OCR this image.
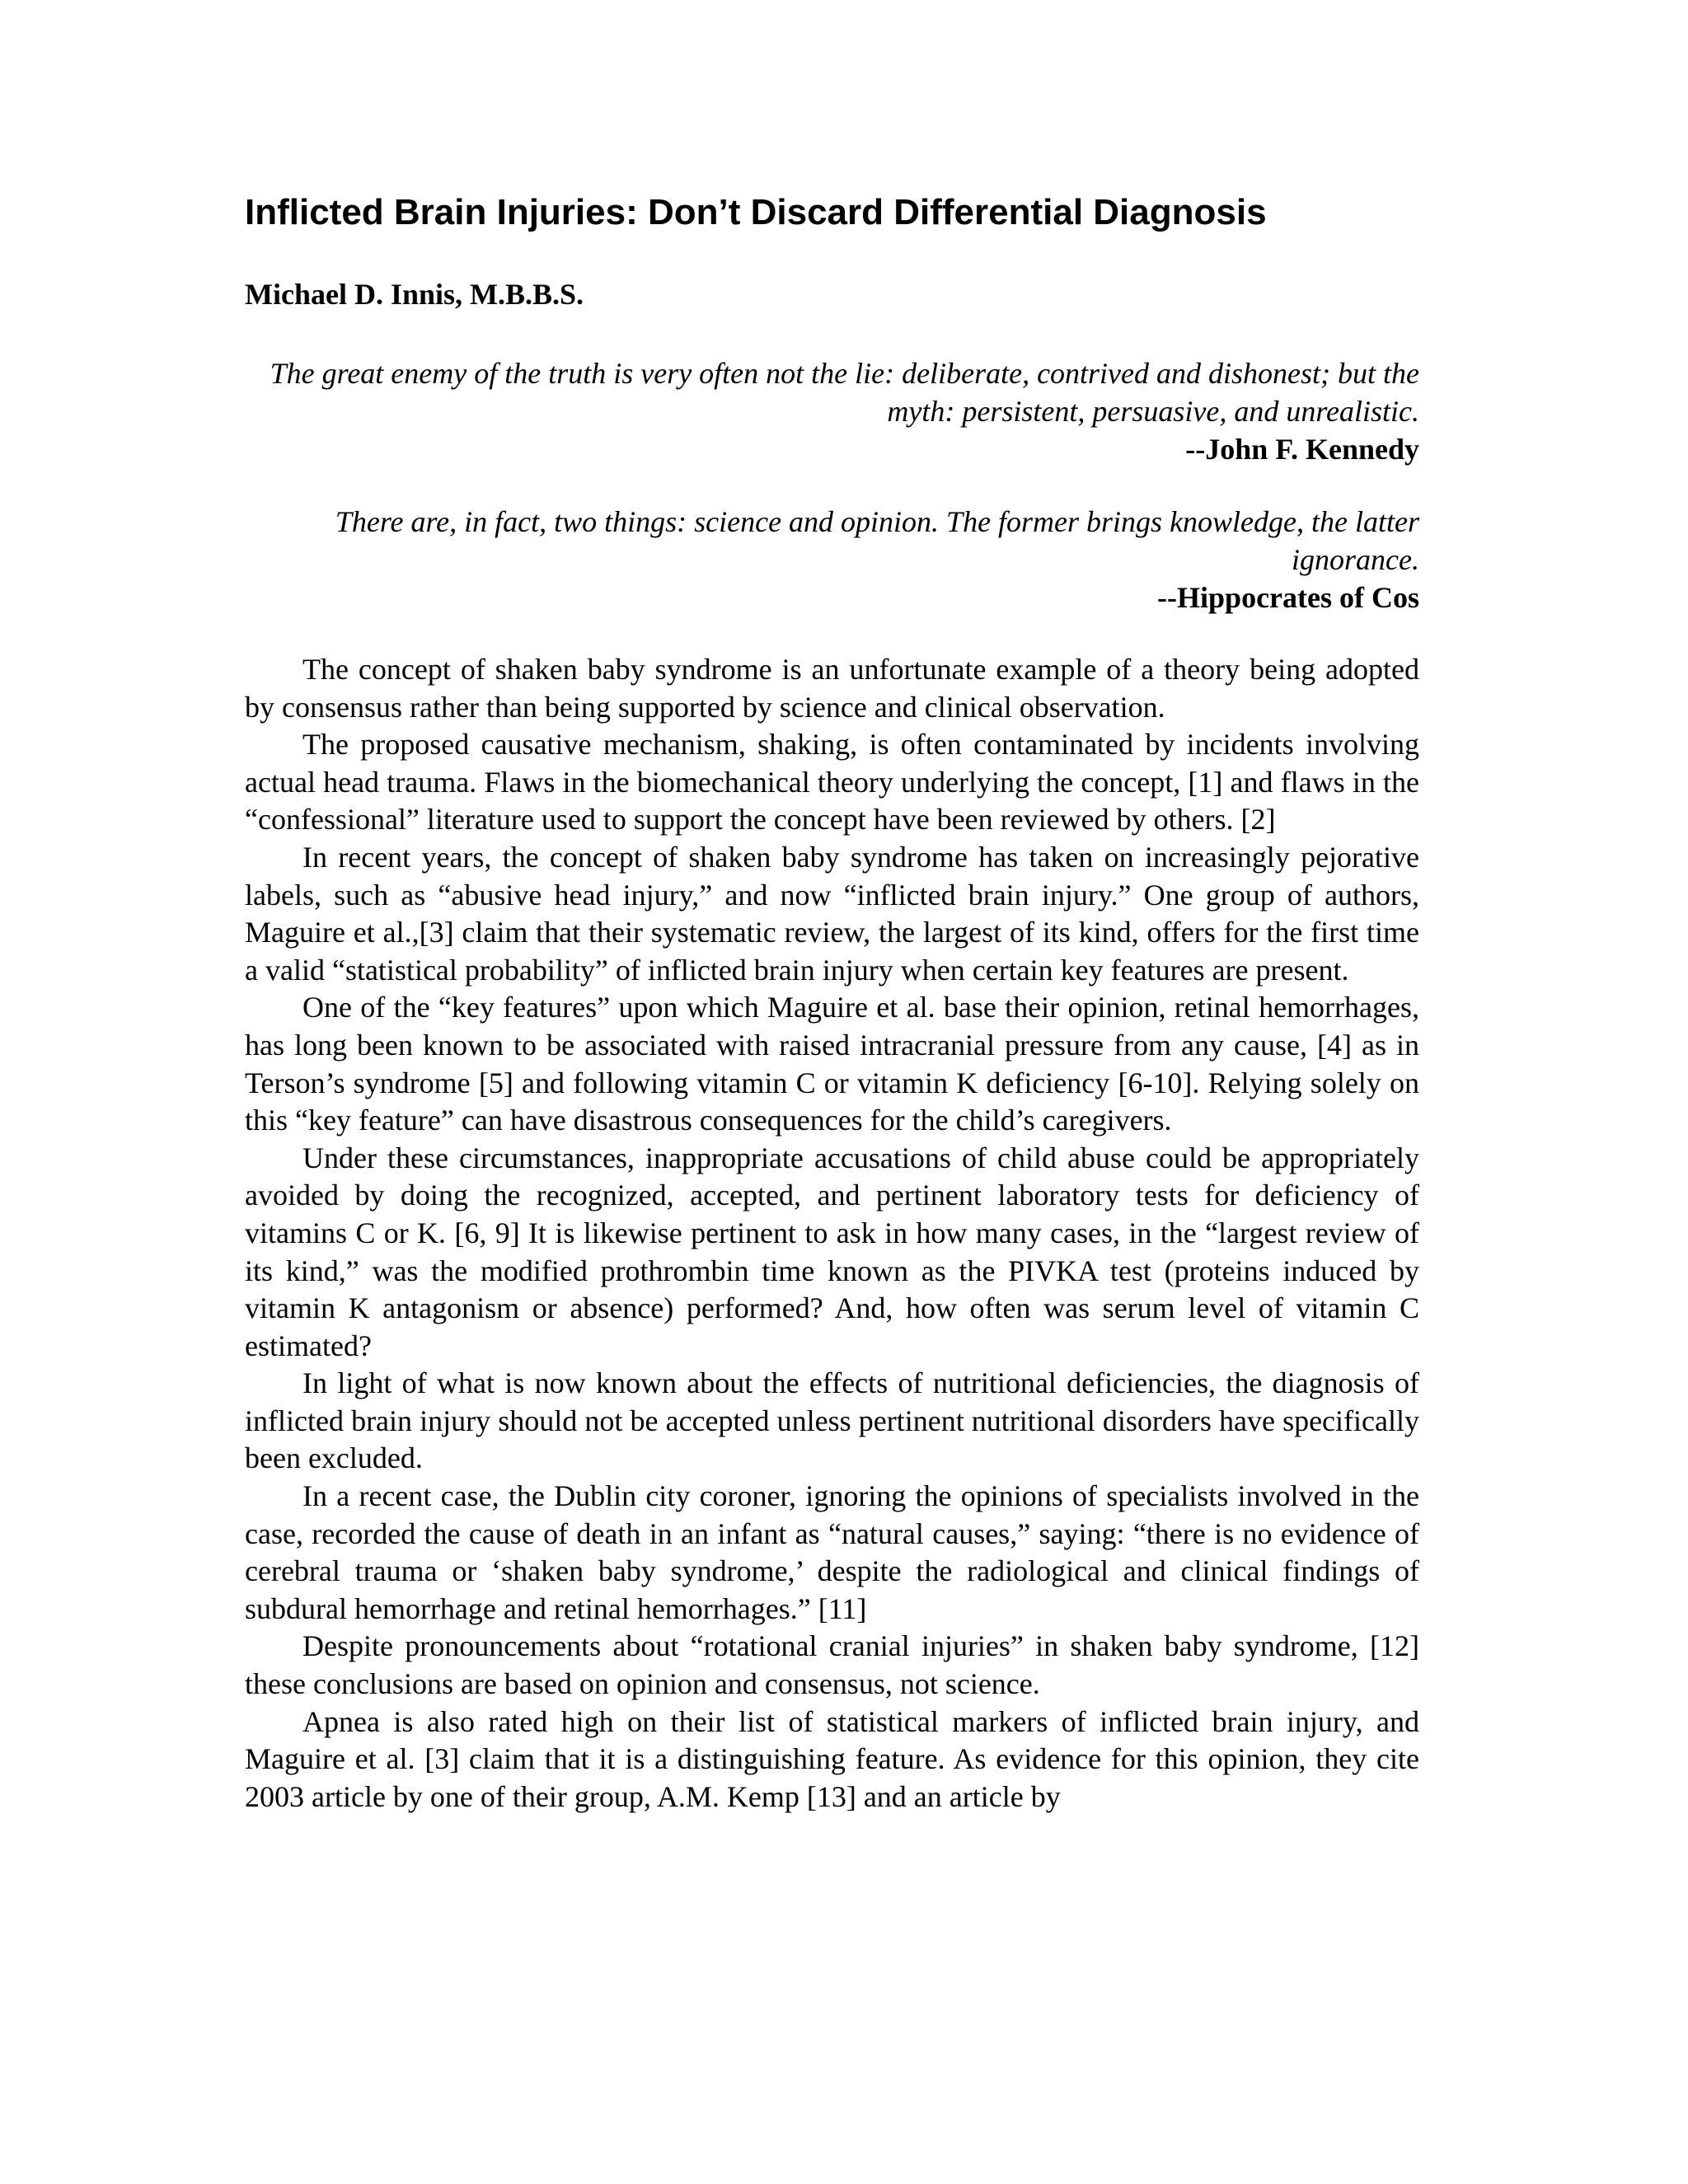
Inflicted Brain Injuries: Don’t Discard Differential Diagnosis
Michael D. Innis, M.B.B.S.
The great enemy of the truth is very often not the lie: deliberate, contrived and dishonest; but the myth: persistent, persuasive, and unrealistic.
--John F. Kennedy
There are, in fact, two things: science and opinion. The former brings knowledge, the latter ignorance.
--Hippocrates of Cos

The concept of shaken baby syndrome is an unfortunate example of a theory being adopted by consensus rather than being supported by science and clinical observation.

The proposed causative mechanism, shaking, is often contaminated by incidents involving actual head trauma. Flaws in the biomechanical theory underlying the concept, [1] and flaws in the “confessional” literature used to support the concept have been reviewed by others. [2]

In recent years, the concept of shaken baby syndrome has taken on increasingly pejorative labels, such as “abusive head injury,” and now “inflicted brain injury.” One group of authors, Maguire et al.,[3] claim that their systematic review, the largest of its kind, offers for the first time a valid “statistical probability” of inflicted brain injury when certain key features are present.

One of the “key features” upon which Maguire et al. base their opinion, retinal hemorrhages, has long been known to be associated with raised intracranial pressure from any cause, [4] as in Terson’s syndrome [5] and following vitamin C or vitamin K deficiency [6-10]. Relying solely on this “key feature” can have disastrous consequences for the child’s caregivers.

Under these circumstances, inappropriate accusations of child abuse could be appropriately avoided by doing the recognized, accepted, and pertinent laboratory tests for deficiency of vitamins C or K. [6, 9] It is likewise pertinent to ask in how many cases, in the “largest review of its kind,” was the modified prothrombin time known as the PIVKA test (proteins induced by vitamin K antagonism or absence) performed? And, how often was serum level of vitamin C estimated?

In light of what is now known about the effects of nutritional deficiencies, the diagnosis of inflicted brain injury should not be accepted unless pertinent nutritional disorders have specifically been excluded.

In a recent case, the Dublin city coroner, ignoring the opinions of specialists involved in the case, recorded the cause of death in an infant as “natural causes,” saying: “there is no evidence of cerebral trauma or ‘shaken baby syndrome,’ despite the radiological and clinical findings of subdural hemorrhage and retinal hemorrhages.” [11]

Despite pronouncements about “rotational cranial injuries” in shaken baby syndrome, [12] these conclusions are based on opinion and consensus, not science.

Apnea is also rated high on their list of statistical markers of inflicted brain injury, and Maguire et al. [3] claim that it is a distinguishing feature. As evidence for this opinion, they cite 2003 article by one of their group, A.M. Kemp [13] and an article by
